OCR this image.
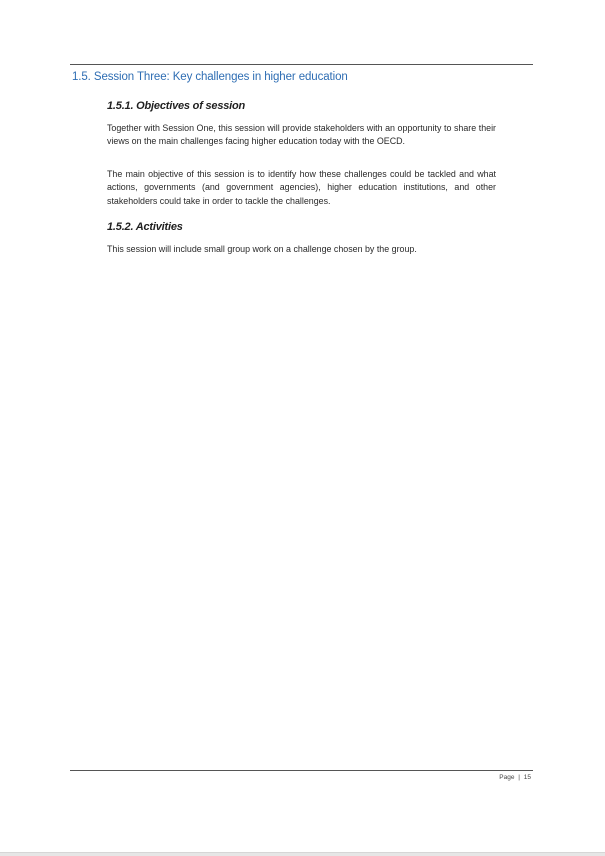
1.5. Session Three: Key challenges in higher education
1.5.1. Objectives of session

Together with Session One, this session will provide stakeholders with an opportunity to share their views on the main challenges facing higher education today with the OECD.

The main objective of this session is to identify how these challenges could be tackled and what actions, governments (and government agencies), higher education institutions, and other stakeholders could take in order to tackle the challenges.

1.5.2. Activities

This session will include small group work on a challenge chosen by the group.

Page | 15
